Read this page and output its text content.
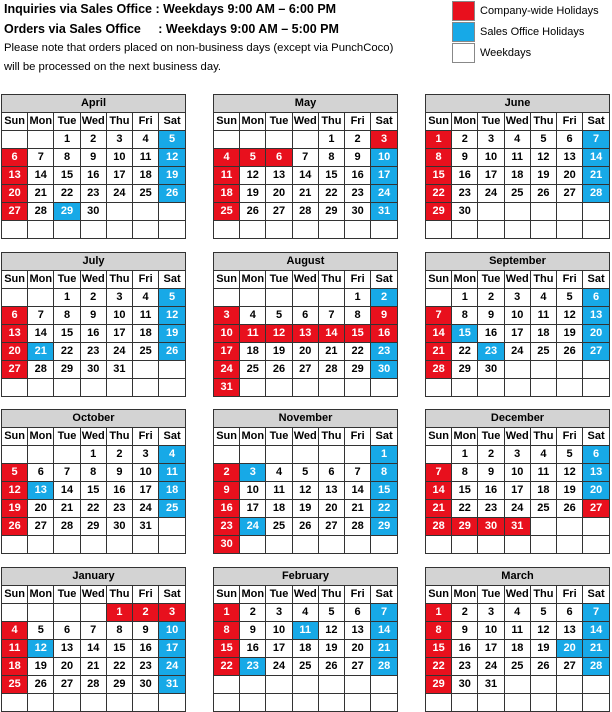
Inquiries via Sales Office : Weekdays 9:00 AM – 6:00 PM
Orders via Sales Office     : Weekdays 9:00 AM – 5:00 PM
Please note that orders placed on non-business days (except via PunchCoco)
will be processed on the next business day.
Company-wide Holidays
Sales Office Holidays
Weekdays
April						
Sun	Mon	Tue	Wed	Thu	Fri	Sat
		1	2	3	4	5
6	7	8	9	10	11	12
13	14	15	16	17	18	19
20	21	22	23	24	25	26
27	28	29	30			

May						
Sun	Mon	Tue	Wed	Thu	Fri	Sat
				1	2	3
4	5	6	7	8	9	10
11	12	13	14	15	16	17
18	19	20	21	22	23	24
25	26	27	28	29	30	31

June						
Sun	Mon	Tue	Wed	Thu	Fri	Sat
1	2	3	4	5	6	7
8	9	10	11	12	13	14
15	16	17	18	19	20	21
22	23	24	25	26	27	28
29	30					

July						
Sun	Mon	Tue	Wed	Thu	Fri	Sat
		1	2	3	4	5
6	7	8	9	10	11	12
13	14	15	16	17	18	19
20	21	22	23	24	25	26
27	28	29	30	31		

August						
Sun	Mon	Tue	Wed	Thu	Fri	Sat
					1	2
3	4	5	6	7	8	9
10	11	12	13	14	15	16
17	18	19	20	21	22	23
24	25	26	27	28	29	30
31						
September						
Sun	Mon	Tue	Wed	Thu	Fri	Sat
	1	2	3	4	5	6
7	8	9	10	11	12	13
14	15	16	17	18	19	20
21	22	23	24	25	26	27
28	29	30				

October						
Sun	Mon	Tue	Wed	Thu	Fri	Sat
			1	2	3	4
5	6	7	8	9	10	11
12	13	14	15	16	17	18
19	20	21	22	23	24	25
26	27	28	29	30	31	

November						
Sun	Mon	Tue	Wed	Thu	Fri	Sat
						1
2	3	4	5	6	7	8
9	10	11	12	13	14	15
16	17	18	19	20	21	22
23	24	25	26	27	28	29
30						
December						
Sun	Mon	Tue	Wed	Thu	Fri	Sat
	1	2	3	4	5	6
7	8	9	10	11	12	13
14	15	16	17	18	19	20
21	22	23	24	25	26	27
28	29	30	31			

January						
Sun	Mon	Tue	Wed	Thu	Fri	Sat
				1	2	3
4	5	6	7	8	9	10
11	12	13	14	15	16	17
18	19	20	21	22	23	24
25	26	27	28	29	30	31

February						
Sun	Mon	Tue	Wed	Thu	Fri	Sat
1	2	3	4	5	6	7
8	9	10	11	12	13	14
15	16	17	18	19	20	21
22	23	24	25	26	27	28

March						
Sun	Mon	Tue	Wed	Thu	Fri	Sat
1	2	3	4	5	6	7
8	9	10	11	12	13	14
15	16	17	18	19	20	21
22	23	24	25	26	27	28
29	30	31				
